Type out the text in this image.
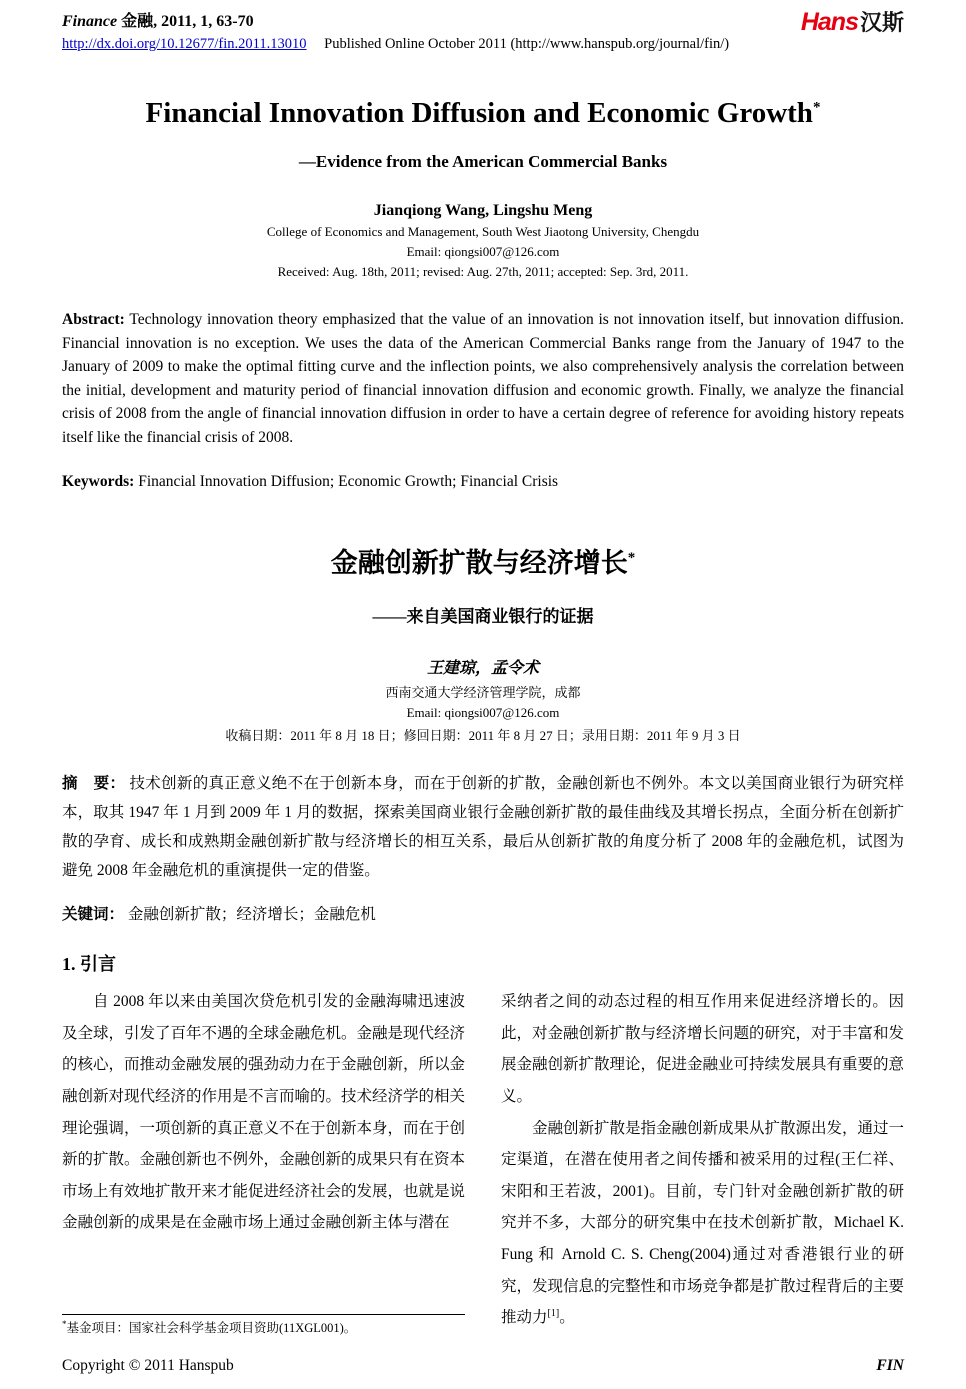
Finance 金融, 2011, 1, 63-70
http://dx.doi.org/10.12677/fin.2011.13010 Published Online October 2011 (http://www.hanspub.org/journal/fin/)
Hans 汉斯
Financial Innovation Diffusion and Economic Growth*
—Evidence from the American Commercial Banks
Jianqiong Wang, Lingshu Meng
College of Economics and Management, South West Jiaotong University, Chengdu
Email: qiongsi007@126.com
Received: Aug. 18th, 2011; revised: Aug. 27th, 2011; accepted: Sep. 3rd, 2011.
Abstract: Technology innovation theory emphasized that the value of an innovation is not innovation itself, but innovation diffusion. Financial innovation is no exception. We uses the data of the American Commercial Banks range from the January of 1947 to the January of 2009 to make the optimal fitting curve and the inflection points, we also comprehensively analysis the correlation between the initial, development and maturity period of financial innovation diffusion and economic growth. Finally, we analyze the financial crisis of 2008 from the angle of financial innovation diffusion in order to have a certain degree of reference for avoiding history repeats itself like the financial crisis of 2008.
Keywords: Financial Innovation Diffusion; Economic Growth; Financial Crisis
金融创新扩散与经济增长*
——来自美国商业银行的证据
王建琼，孟令术
西南交通大学经济管理学院，成都
Email: qiongsi007@126.com
收稿日期：2011 年 8 月 18 日；修回日期：2011 年 8 月 27 日；录用日期：2011 年 9 月 3 日
摘　要： 技术创新的真正意义绝不在于创新本身，而在于创新的扩散，金融创新也不例外。本文以美国商业银行为研究样本，取其 1947 年 1 月到 2009 年 1 月的数据，探索美国商业银行金融创新扩散的最佳曲线及其增长拐点，全面分析在创新扩散的孕育、成长和成熟期金融创新扩散与经济增长的相互关系，最后从创新扩散的角度分析了 2008 年的金融危机，试图为避免 2008 年金融危机的重演提供一定的借鉴。
关键词： 金融创新扩散；经济增长；金融危机
1. 引言

自 2008 年以来由美国次贷危机引发的金融海啸迅速波及全球，引发了百年不遇的全球金融危机。金融是现代经济的核心，而推动金融发展的强劲动力在于金融创新，所以金融创新对现代经济的作用是不言而喻的。技术经济学的相关理论强调，一项创新的真正意义不在于创新本身，而在于创新的扩散。金融创新也不例外，金融创新的成果只有在资本市场上有效地扩散开来才能促进经济社会的发展，也就是说金融创新的成果是在金融市场上通过金融创新主体与潜在

*基金项目：国家社会科学基金项目资助(11XGL001)。

采纳者之间的动态过程的相互作用来促进经济增长的。因此，对金融创新扩散与经济增长问题的研究，对于丰富和发展金融创新扩散理论，促进金融业可持续发展具有重要的意义。

金融创新扩散是指金融创新成果从扩散源出发，通过一定渠道，在潜在使用者之间传播和被采用的过程(王仁祥、宋阳和王若波，2001)。目前，专门针对金融创新扩散的研究并不多，大部分的研究集中在技术创新扩散，Michael K. Fung 和 Arnold C. S. Cheng(2004)通过对香港银行业的研究，发现信息的完整性和市场竞争都是扩散过程背后的主要推动力[1]。

Copyright © 2011 Hanspub	FIN
